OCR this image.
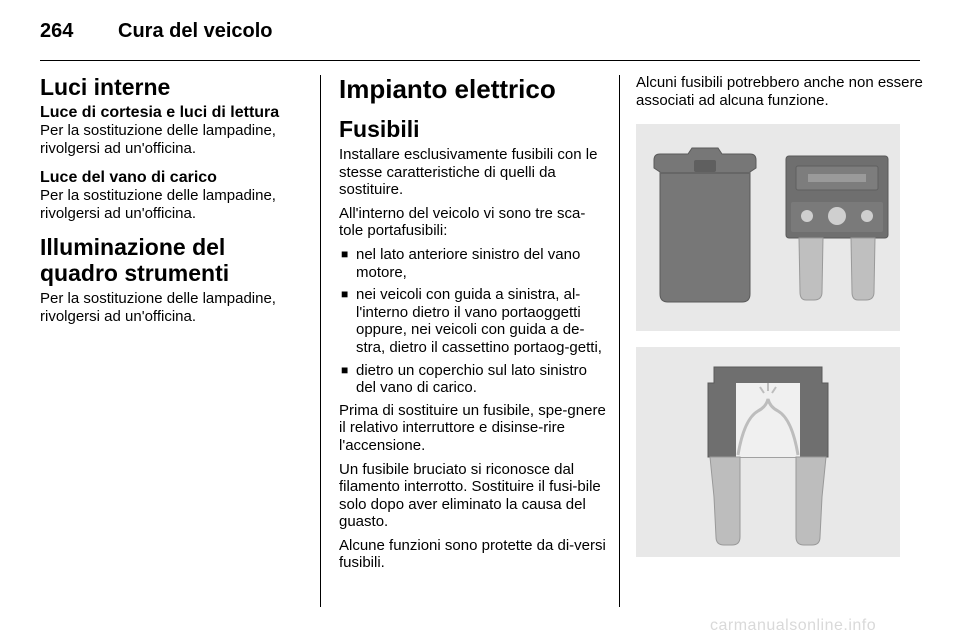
264 Cura del veicolo
Luci interne
Luce di cortesia e luci di lettura

Per la sostituzione delle lampadine, rivolgersi ad un'officina.

Luce del vano di carico

Per la sostituzione delle lampadine, rivolgersi ad un'officina.

Illuminazione del quadro strumenti

Per la sostituzione delle lampadine, rivolgersi ad un'officina.

Impianto elettrico
Fusibili

Installare esclusivamente fusibili con le stesse caratteristiche di quelli da sostituire.

All'interno del veicolo vi sono tre sca-tole portafusibili:

■ nel lato anteriore sinistro del vano motore,
■ nei veicoli con guida a sinistra, al-l'interno dietro il vano portaoggetti oppure, nei veicoli con guida a de-stra, dietro il cassettino portaog-getti,
■ dietro un coperchio sul lato sinistro del vano di carico.

Prima di sostituire un fusibile, spe-gnere il relativo interruttore e disinse-rire l'accensione.

Un fusibile bruciato si riconosce dal filamento interrotto. Sostituire il fusi-bile solo dopo aver eliminato la causa del guasto.

Alcune funzioni sono protette da di-versi fusibili.

Alcuni fusibili potrebbero anche non essere associati ad alcuna funzione.

carmanualsonline.info
